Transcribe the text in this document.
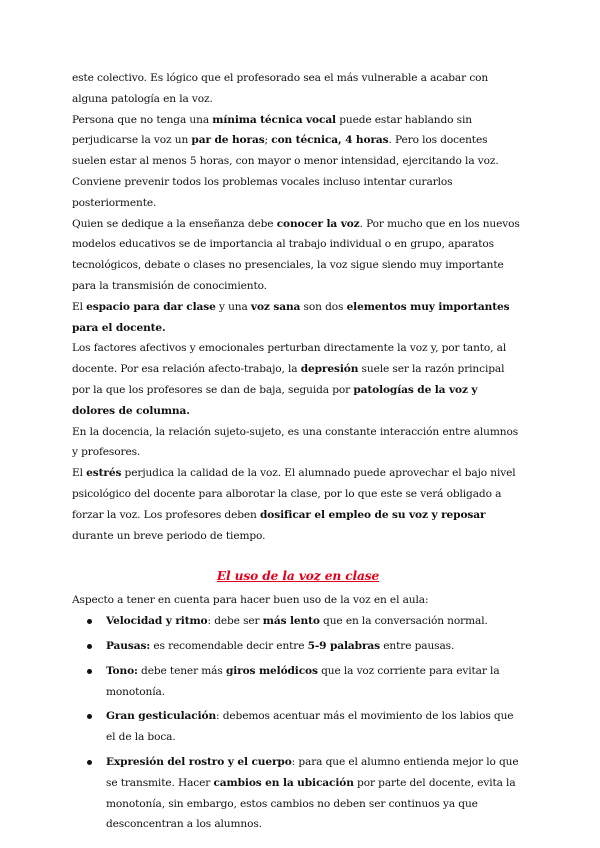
este colectivo. Es lógico que el profesorado sea el más vulnerable a acabar con alguna patología en la voz.

Persona que no tenga una mínima técnica vocal puede estar hablando sin perjudicarse la voz un par de horas; con técnica, 4 horas. Pero los docentes suelen estar al menos 5 horas, con mayor o menor intensidad, ejercitando la voz. Conviene prevenir todos los problemas vocales incluso intentar curarlos posteriormente.

Quien se dedique a la enseñanza debe conocer la voz. Por mucho que en los nuevos modelos educativos se de importancia al trabajo individual o en grupo, aparatos tecnológicos, debate o clases no presenciales, la voz sigue siendo muy importante para la transmisión de conocimiento.

El espacio para dar clase y una voz sana son dos elementos muy importantes para el docente.

Los factores afectivos y emocionales perturban directamente la voz y, por tanto, al docente. Por esa relación afecto-trabajo, la depresión suele ser la razón principal por la que los profesores se dan de baja, seguida por patologías de la voz y dolores de columna.

En la docencia, la relación sujeto-sujeto, es una constante interacción entre alumnos y profesores.

El estrés perjudica la calidad de la voz. El alumnado puede aprovechar el bajo nivel psicológico del docente para alborotar la clase, por lo que este se verá obligado a forzar la voz. Los profesores deben dosificar el empleo de su voz y reposar durante un breve periodo de tiempo.

El uso de la voz en clase

Aspecto a tener en cuenta para hacer buen uso de la voz en el aula:

Velocidad y ritmo: debe ser más lento que en la conversación normal.
Pausas: es recomendable decir entre 5-9 palabras entre pausas.
Tono: debe tener más giros melódicos que la voz corriente para evitar la monotonía.
Gran gesticulación: debemos acentuar más el movimiento de los labios que el de la boca.
Expresión del rostro y el cuerpo: para que el alumno entienda mejor lo que se transmite. Hacer cambios en la ubicación por parte del docente, evita la monotonía, sin embargo, estos cambios no deben ser continuos ya que desconcentran a los alumnos.
